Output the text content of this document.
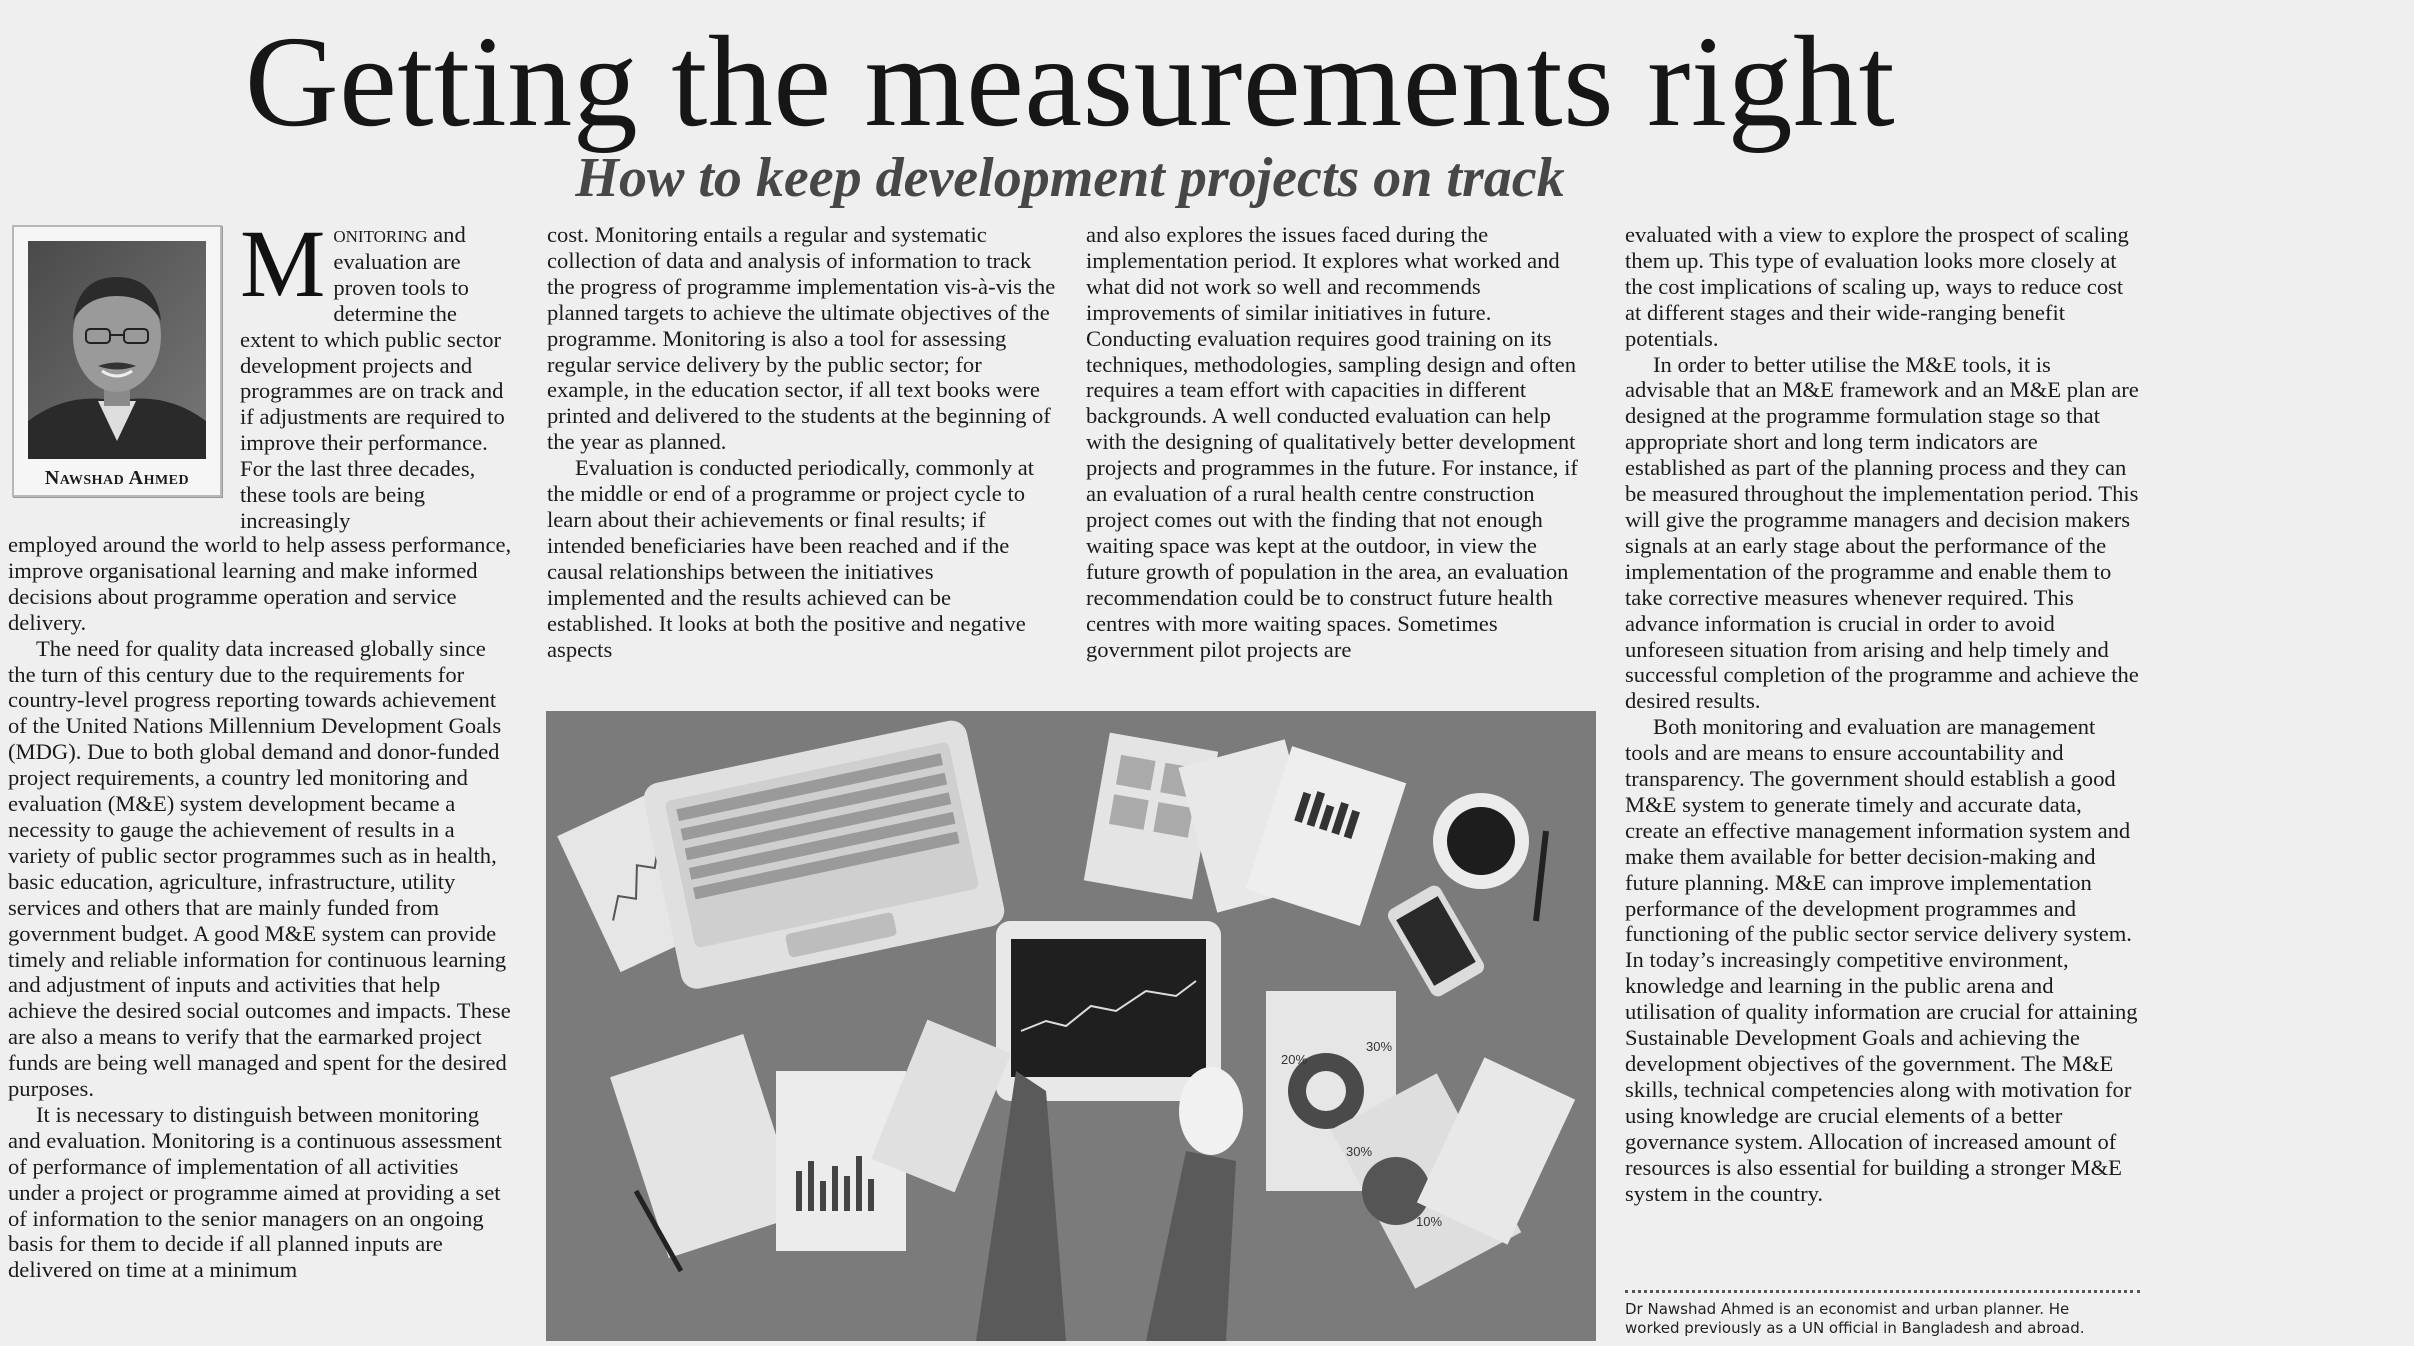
Getting the measurements right
How to keep development projects on track
Nawshad Ahmed

M onitoring and evaluation are proven tools to determine the extent to which public sector development projects and programmes are on track and if adjustments are required to improve their performance. For the last three decades, these tools are being increasingly

employed around the world to help assess performance, improve organisational learning and make informed decisions about programme operation and service delivery.

The need for quality data increased globally since the turn of this century due to the requirements for country-level progress reporting towards achievement of the United Nations Millennium Development Goals (MDG). Due to both global demand and donor-funded project requirements, a country led monitoring and evaluation (M&E) system development became a necessity to gauge the achievement of results in a variety of public sector programmes such as in health, basic education, agriculture, infrastructure, utility services and others that are mainly funded from government budget. A good M&E system can provide timely and reliable information for continuous learning and adjustment of inputs and activities that help achieve the desired social outcomes and impacts. These are also a means to verify that the earmarked project funds are being well managed and spent for the desired purposes.

It is necessary to distinguish between monitoring and evaluation. Monitoring is a continuous assessment of performance of implementation of all activities under a project or programme aimed at providing a set of information to the senior managers on an ongoing basis for them to decide if all planned inputs are delivered on time at a minimum

cost. Monitoring entails a regular and systematic collection of data and analysis of information to track the progress of programme implementation vis-à-vis the planned targets to achieve the ultimate objectives of the programme. Monitoring is also a tool for assessing regular service delivery by the public sector; for example, in the education sector, if all text books were printed and delivered to the students at the beginning of the year as planned.

Evaluation is conducted periodically, commonly at the middle or end of a programme or project cycle to learn about their achievements or final results; if intended beneficiaries have been reached and if the causal relationships between the initiatives implemented and the results achieved can be established. It looks at both the positive and negative aspects

and also explores the issues faced during the implementation period. It explores what worked and what did not work so well and recommends improvements of similar initiatives in future. Conducting evaluation requires good training on its techniques, methodologies, sampling design and often requires a team effort with capacities in different backgrounds. A well conducted evaluation can help with the designing of qualitatively better development projects and programmes in the future. For instance, if an evaluation of a rural health centre construction project comes out with the finding that not enough waiting space was kept at the outdoor, in view the future growth of population in the area, an evaluation recommendation could be to construct future health centres with more waiting spaces. Sometimes government pilot projects are

evaluated with a view to explore the prospect of scaling them up. This type of evaluation looks more closely at the cost implications of scaling up, ways to reduce cost at different stages and their wide-ranging benefit potentials.

In order to better utilise the M&E tools, it is advisable that an M&E framework and an M&E plan are designed at the programme formulation stage so that appropriate short and long term indicators are established as part of the planning process and they can be measured throughout the implementation period. This will give the programme managers and decision makers signals at an early stage about the performance of the implementation of the programme and enable them to take corrective measures whenever required. This advance information is crucial in order to avoid unforeseen situation from arising and help timely and successful completion of the programme and achieve the desired results.

Both monitoring and evaluation are management tools and are means to ensure accountability and transparency. The government should establish a good M&E system to generate timely and accurate data, create an effective management information system and make them available for better decision-making and future planning. M&E can improve implementation performance of the development programmes and functioning of the public sector service delivery system. In today’s increasingly competitive environment, knowledge and learning in the public arena and utilisation of quality information are crucial for attaining Sustainable Development Goals and achieving the development objectives of the government. The M&E skills, technical competencies along with motivation for using knowledge are crucial elements of a better governance system. Allocation of increased amount of resources is also essential for building a stronger M&E system in the country.

20%
30%
30%
10%

Dr Nawshad Ahmed is an economist and urban planner. He

worked previously as a UN official in Bangladesh and abroad.
